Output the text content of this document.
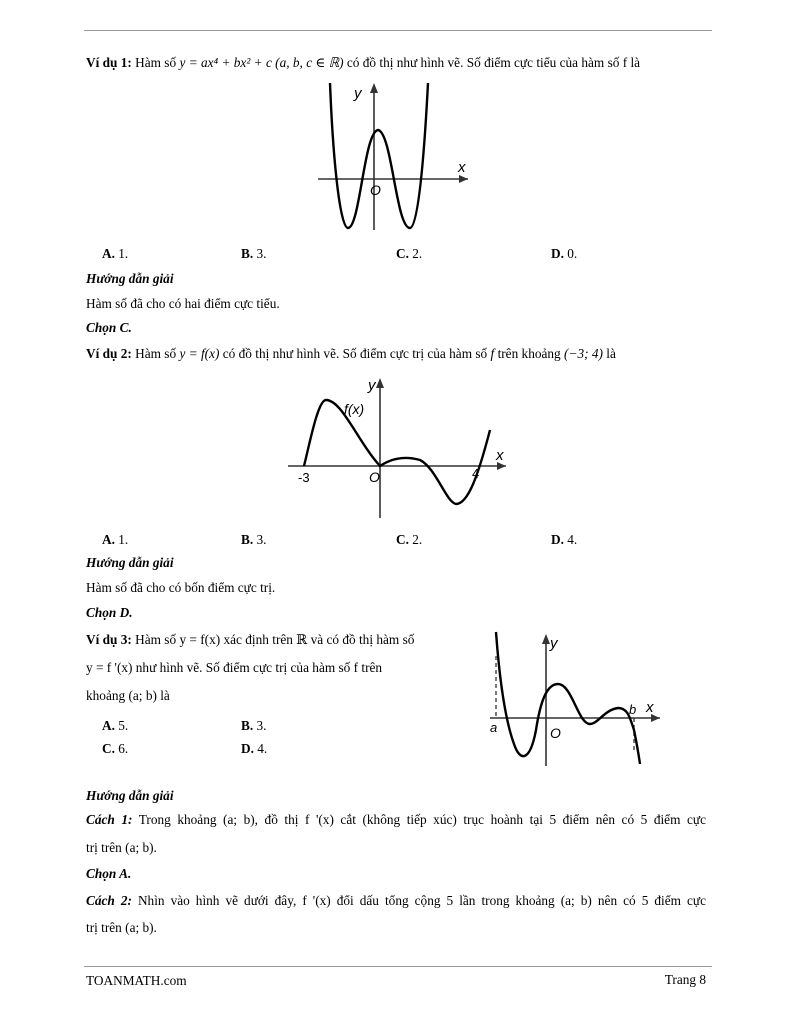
Ví dụ 1: Hàm số y = ax⁴ + bx² + c (a, b, c ∈ ℝ) có đồ thị như hình vẽ. Số điểm cực tiểu của hàm số f là
y
x
O
A. 1.	B. 3.	C. 2.	D. 0.
Hướng dẫn giải
Hàm số đã cho có hai điểm cực tiểu.
Chọn C.
Ví dụ 2: Hàm số y = f(x) có đồ thị như hình vẽ. Số điểm cực trị của hàm số f trên khoảng (−3; 4) là
y
x
f(x)
O
-3	4
A. 1.	B. 3.	C. 2.	D. 4.
Hướng dẫn giải
Hàm số đã cho có bốn điểm cực trị.
Chọn D.
Ví dụ 3: Hàm số y = f(x) xác định trên ℝ và có đồ thị hàm số
y = f '(x) như hình vẽ. Số điểm cực trị của hàm số f trên
khoảng (a; b) là
A. 5.	B. 3.
C. 6.	D. 4.
y
x
O
a
b
Hướng dẫn giải
Cách 1: Trong khoảng (a; b), đồ thị f '(x) cắt (không tiếp xúc) trục hoành tại 5 điểm nên có 5 điểm cực
trị trên (a; b).
Chọn A.
Cách 2: Nhìn vào hình vẽ dưới đây, f '(x) đổi dấu tổng cộng 5 lần trong khoảng (a; b) nên có 5 điểm cực
trị trên (a; b).
TOANMATH.com	Trang 8
